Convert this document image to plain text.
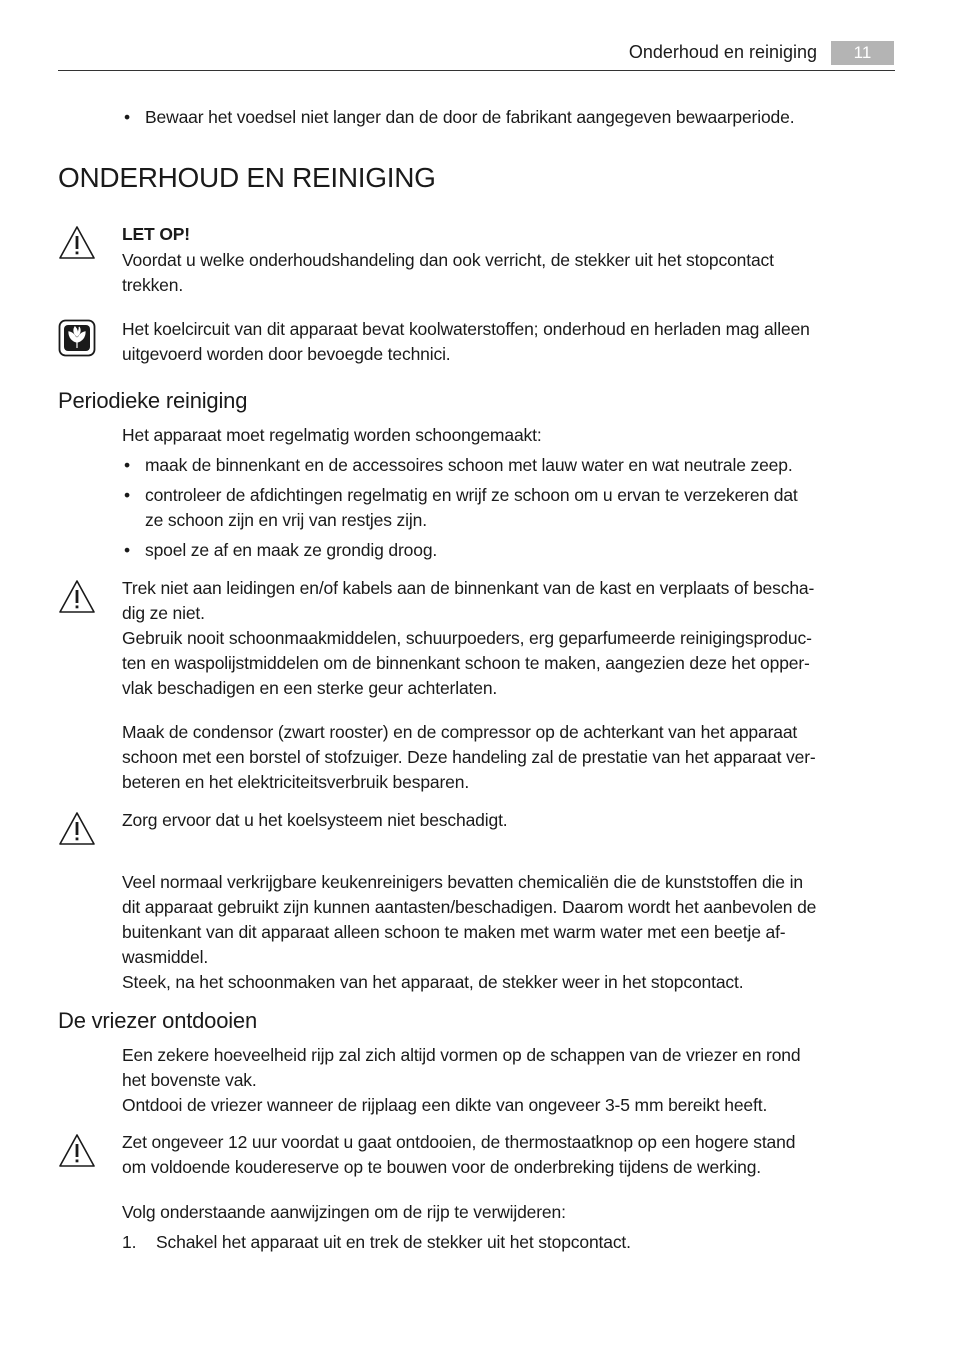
Onderhoud en reiniging	11
• Bewaar het voedsel niet langer dan de door de fabrikant aangegeven bewaarperiode.
ONDERHOUD EN REINIGING
LET OP!
Voordat u welke onderhoudshandeling dan ook verricht, de stekker uit het stopcontact
trekken.
Het koelcircuit van dit apparaat bevat koolwaterstoffen; onderhoud en herladen mag alleen
uitgevoerd worden door bevoegde technici.
Periodieke reiniging
Het apparaat moet regelmatig worden schoongemaakt:
• maak de binnenkant en de accessoires schoon met lauw water en wat neutrale zeep.
• controleer de afdichtingen regelmatig en wrijf ze schoon om u ervan te verzekeren dat
ze schoon zijn en vrij van restjes zijn.
• spoel ze af en maak ze grondig droog.
Trek niet aan leidingen en/of kabels aan de binnenkant van de kast en verplaats of bescha-
dig ze niet.
Gebruik nooit schoonmaakmiddelen, schuurpoeders, erg geparfumeerde reinigingsproduc-
ten en waspolijstmiddelen om de binnenkant schoon te maken, aangezien deze het opper-
vlak beschadigen en een sterke geur achterlaten.
Maak de condensor (zwart rooster) en de compressor op de achterkant van het apparaat
schoon met een borstel of stofzuiger. Deze handeling zal de prestatie van het apparaat ver-
beteren en het elektriciteitsverbruik besparen.
Zorg ervoor dat u het koelsysteem niet beschadigt.
Veel normaal verkrijgbare keukenreinigers bevatten chemicaliën die de kunststoffen die in
dit apparaat gebruikt zijn kunnen aantasten/beschadigen. Daarom wordt het aanbevolen de
buitenkant van dit apparaat alleen schoon te maken met warm water met een beetje af-
wasmiddel.
Steek, na het schoonmaken van het apparaat, de stekker weer in het stopcontact.
De vriezer ontdooien
Een zekere hoeveelheid rijp zal zich altijd vormen op de schappen van de vriezer en rond
het bovenste vak.
Ontdooi de vriezer wanneer de rijplaag een dikte van ongeveer 3-5 mm bereikt heeft.
Zet ongeveer 12 uur voordat u gaat ontdooien, de thermostaatknop op een hogere stand
om voldoende koudereserve op te bouwen voor de onderbreking tijdens de werking.
Volg onderstaande aanwijzingen om de rijp te verwijderen:
1. Schakel het apparaat uit en trek de stekker uit het stopcontact.
